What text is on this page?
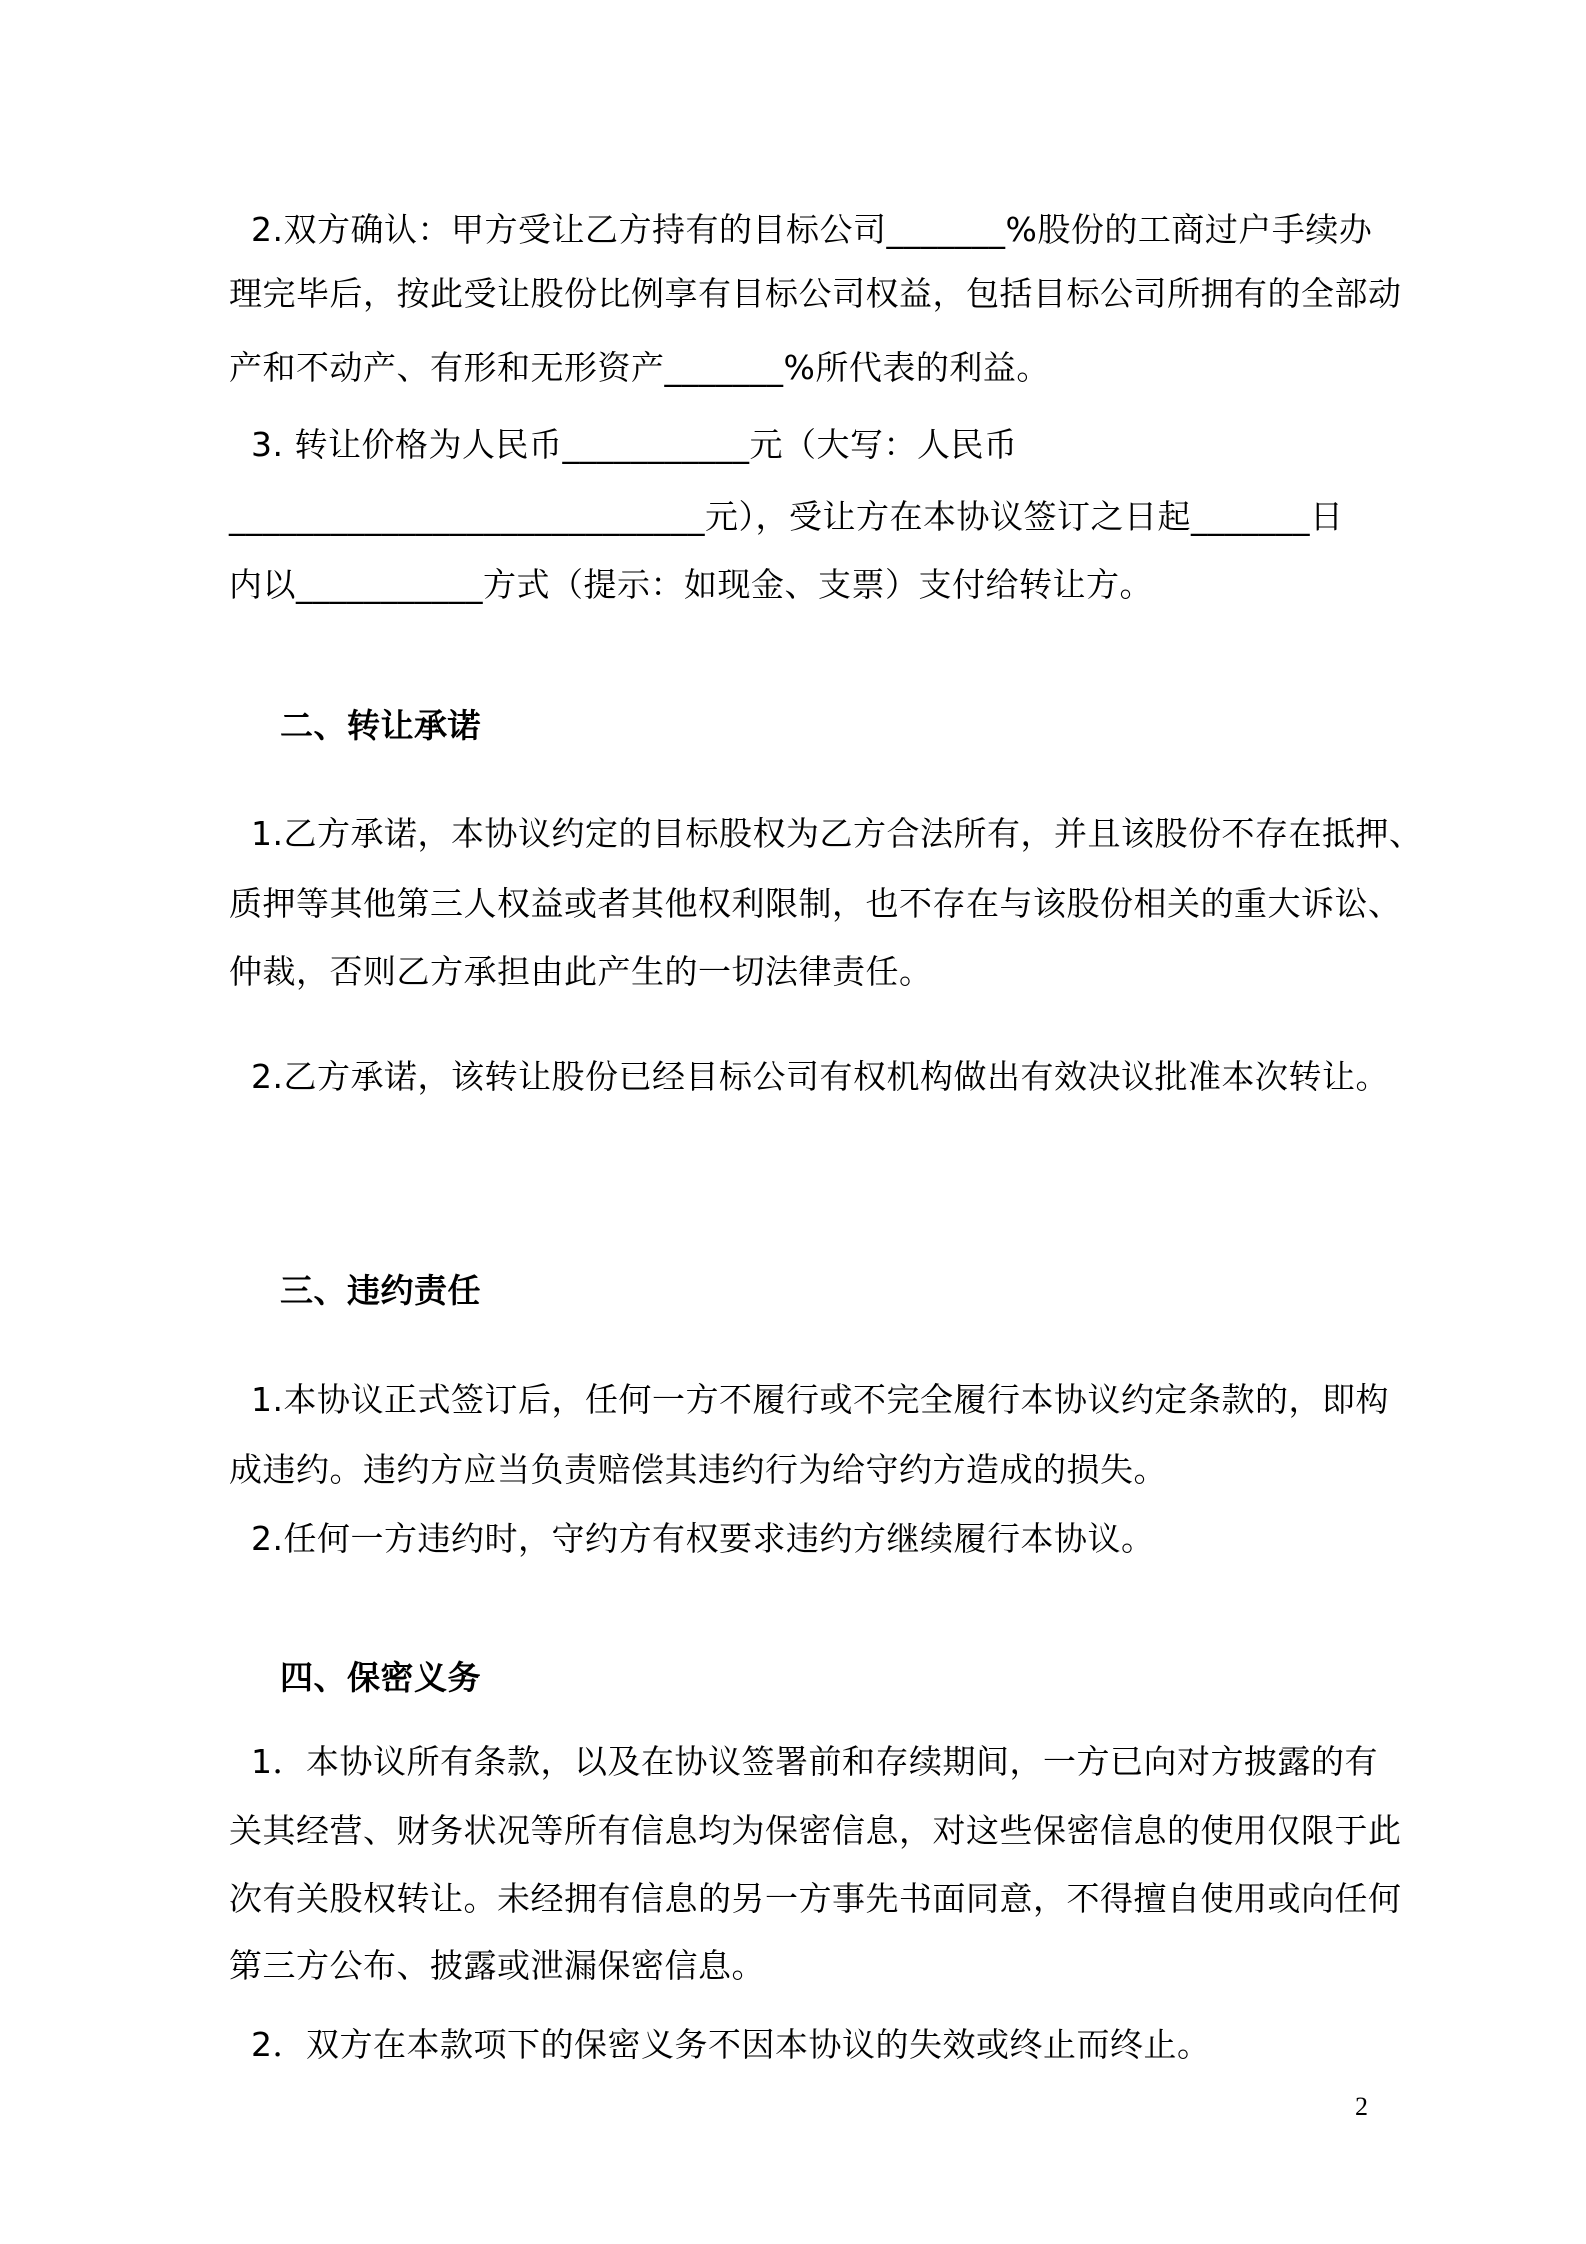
2.双方确认：甲方受让乙方持有的目标公司_______%股份的工商过户手续办
理完毕后，按此受让股份比例享有目标公司权益，包括目标公司所拥有的全部动
产和不动产、有形和无形资产_______%所代表的利益。
3. 转让价格为人民币___________元（大写：人民币
____________________________元），受让方在本协议签订之日起_______日
内以___________方式（提示：如现金、支票）支付给转让方。
二、转让承诺
1.乙方承诺，本协议约定的目标股权为乙方合法所有，并且该股份不存在抵押、
质押等其他第三人权益或者其他权利限制，也不存在与该股份相关的重大诉讼、
仲裁，否则乙方承担由此产生的一切法律责任。
2.乙方承诺，该转让股份已经目标公司有权机构做出有效决议批准本次转让。
三、违约责任
1.本协议正式签订后，任何一方不履行或不完全履行本协议约定条款的，即构
成违约。违约方应当负责赔偿其违约行为给守约方造成的损失。
2.任何一方违约时，守约方有权要求违约方继续履行本协议。
四、保密义务
1．本协议所有条款，以及在协议签署前和存续期间，一方已向对方披露的有
关其经营、财务状况等所有信息均为保密信息，对这些保密信息的使用仅限于此
次有关股权转让。未经拥有信息的另一方事先书面同意，不得擅自使用或向任何
第三方公布、披露或泄漏保密信息。
2．双方在本款项下的保密义务不因本协议的失效或终止而终止。
2
